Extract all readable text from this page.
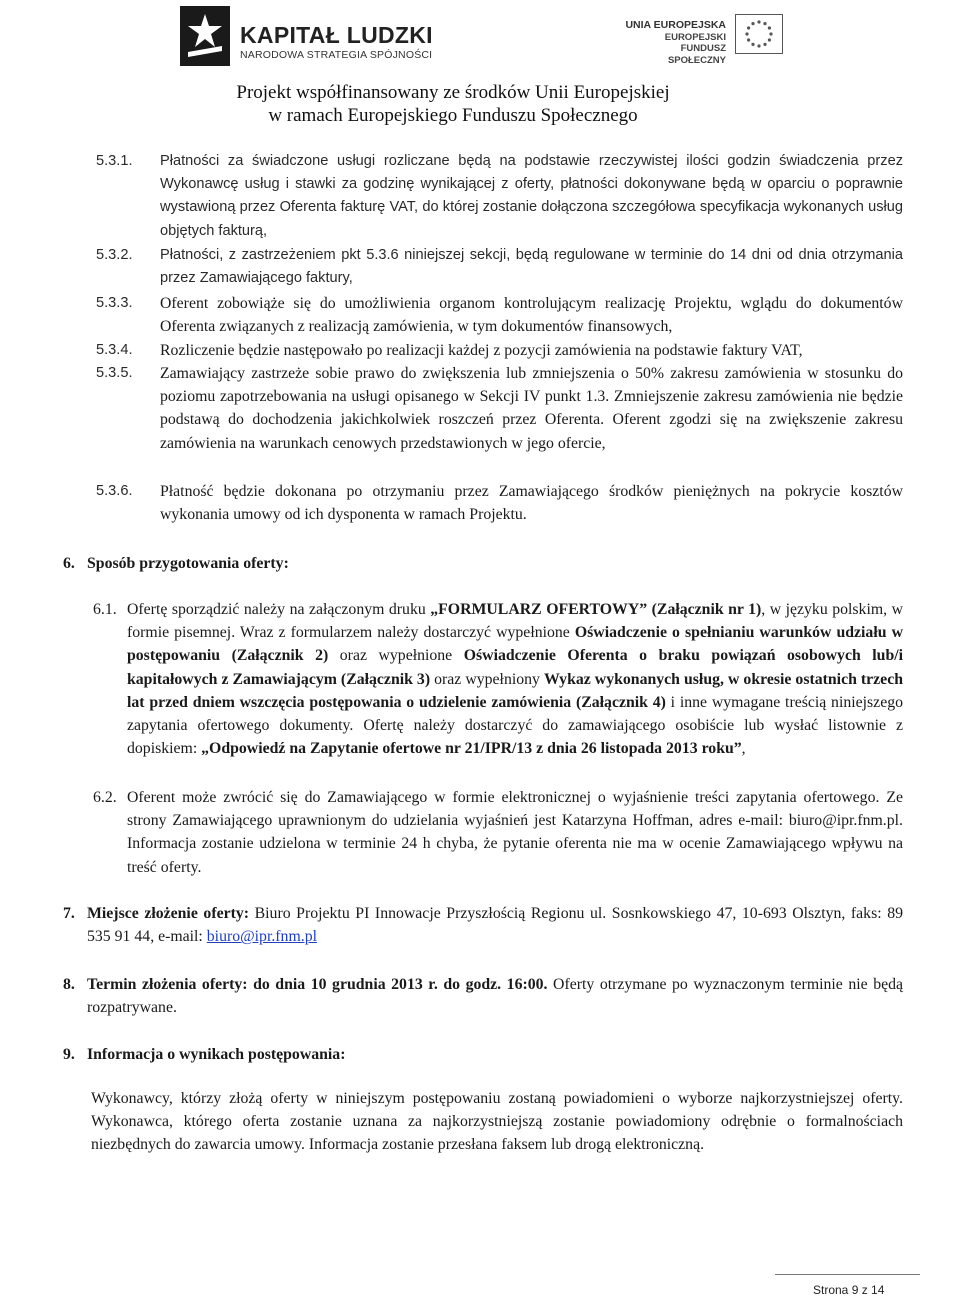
KAPITAŁ LUDZKI
NARODOWA STRATEGIA SPÓJNOŚCI
UNIA EUROPEJSKA
EUROPEJSKI
FUNDUSZ SPOŁECZNY
Projekt współfinansowany ze środków Unii Europejskiej
w ramach Europejskiego Funduszu Społecznego
5.3.1. Płatności za świadczone usługi rozliczane będą na podstawie rzeczywistej ilości godzin świadczenia przez Wykonawcę usług i stawki za godzinę wynikającej z oferty, płatności dokonywane będą w oparciu o poprawnie wystawioną przez Oferenta fakturę VAT, do której zostanie dołączona szczegółowa specyfikacja wykonanych usług objętych fakturą,
5.3.2. Płatności, z zastrzeżeniem pkt 5.3.6 niniejszej sekcji, będą regulowane w terminie do 14 dni od dnia otrzymania przez Zamawiającego faktury,
5.3.3. Oferent zobowiąże się do umożliwienia organom kontrolującym realizację Projektu, wglądu do dokumentów Oferenta związanych z realizacją zamówienia, w tym dokumentów finansowych,
5.3.4. Rozliczenie będzie następowało po realizacji każdej z pozycji zamówienia na podstawie faktury VAT,
5.3.5. Zamawiający zastrzeże sobie prawo do zwiększenia lub zmniejszenia o 50% zakresu zamówienia w stosunku do poziomu zapotrzebowania na usługi opisanego w Sekcji IV punkt 1.3. Zmniejszenie zakresu zamówienia nie będzie podstawą do dochodzenia jakichkolwiek roszczeń przez Oferenta. Oferent zgodzi się na zwiększenie zakresu zamówienia na warunkach cenowych przedstawionych w jego ofercie,
5.3.6. Płatność będzie dokonana po otrzymaniu przez Zamawiającego środków pieniężnych na pokrycie kosztów wykonania umowy od ich dysponenta w ramach Projektu.
6. Sposób przygotowania oferty:
6.1. Ofertę sporządzić należy na załączonym druku „FORMULARZ OFERTOWY” (Załącznik nr 1), w języku polskim, w formie pisemnej. Wraz z formularzem należy dostarczyć wypełnione Oświadczenie o spełnianiu warunków udziału w postępowaniu (Załącznik 2) oraz wypełnione Oświadczenie Oferenta o braku powiązań osobowych lub/i kapitałowych z Zamawiającym (Załącznik 3) oraz wypełniony Wykaz wykonanych usług, w okresie ostatnich trzech lat przed dniem wszczęcia postępowania o udzielenie zamówienia (Załącznik 4) i inne wymagane treścią niniejszego zapytania ofertowego dokumenty. Ofertę należy dostarczyć do zamawiającego osobiście lub wysłać listownie z dopiskiem: „Odpowiedź na Zapytanie ofertowe nr 21/IPR/13 z dnia 26 listopada 2013 roku”,
6.2. Oferent może zwrócić się do Zamawiającego w formie elektronicznej o wyjaśnienie treści zapytania ofertowego. Ze strony Zamawiającego uprawnionym do udzielania wyjaśnień jest Katarzyna Hoffman, adres e-mail: biuro@ipr.fnm.pl. Informacja zostanie udzielona w terminie 24 h chyba, że pytanie oferenta nie ma w ocenie Zamawiającego wpływu na treść oferty.
7. Miejsce złożenie oferty: Biuro Projektu PI Innowacje Przyszłością Regionu ul. Sosnkowskiego 47, 10-693 Olsztyn, faks: 89 535 91 44, e-mail: biuro@ipr.fnm.pl
8. Termin złożenia oferty: do dnia 10 grudnia 2013 r. do godz. 16:00. Oferty otrzymane po wyznaczonym terminie nie będą rozpatrywane.
9. Informacja o wynikach postępowania:
Wykonawcy, którzy złożą oferty w niniejszym postępowaniu zostaną powiadomieni o wyborze najkorzystniejszej oferty. Wykonawca, którego oferta zostanie uznana za najkorzystniejszą zostanie powiadomiony odrębnie o formalnościach niezbędnych do zawarcia umowy. Informacja zostanie przesłana faksem lub drogą elektroniczną.
Strona 9 z 14
